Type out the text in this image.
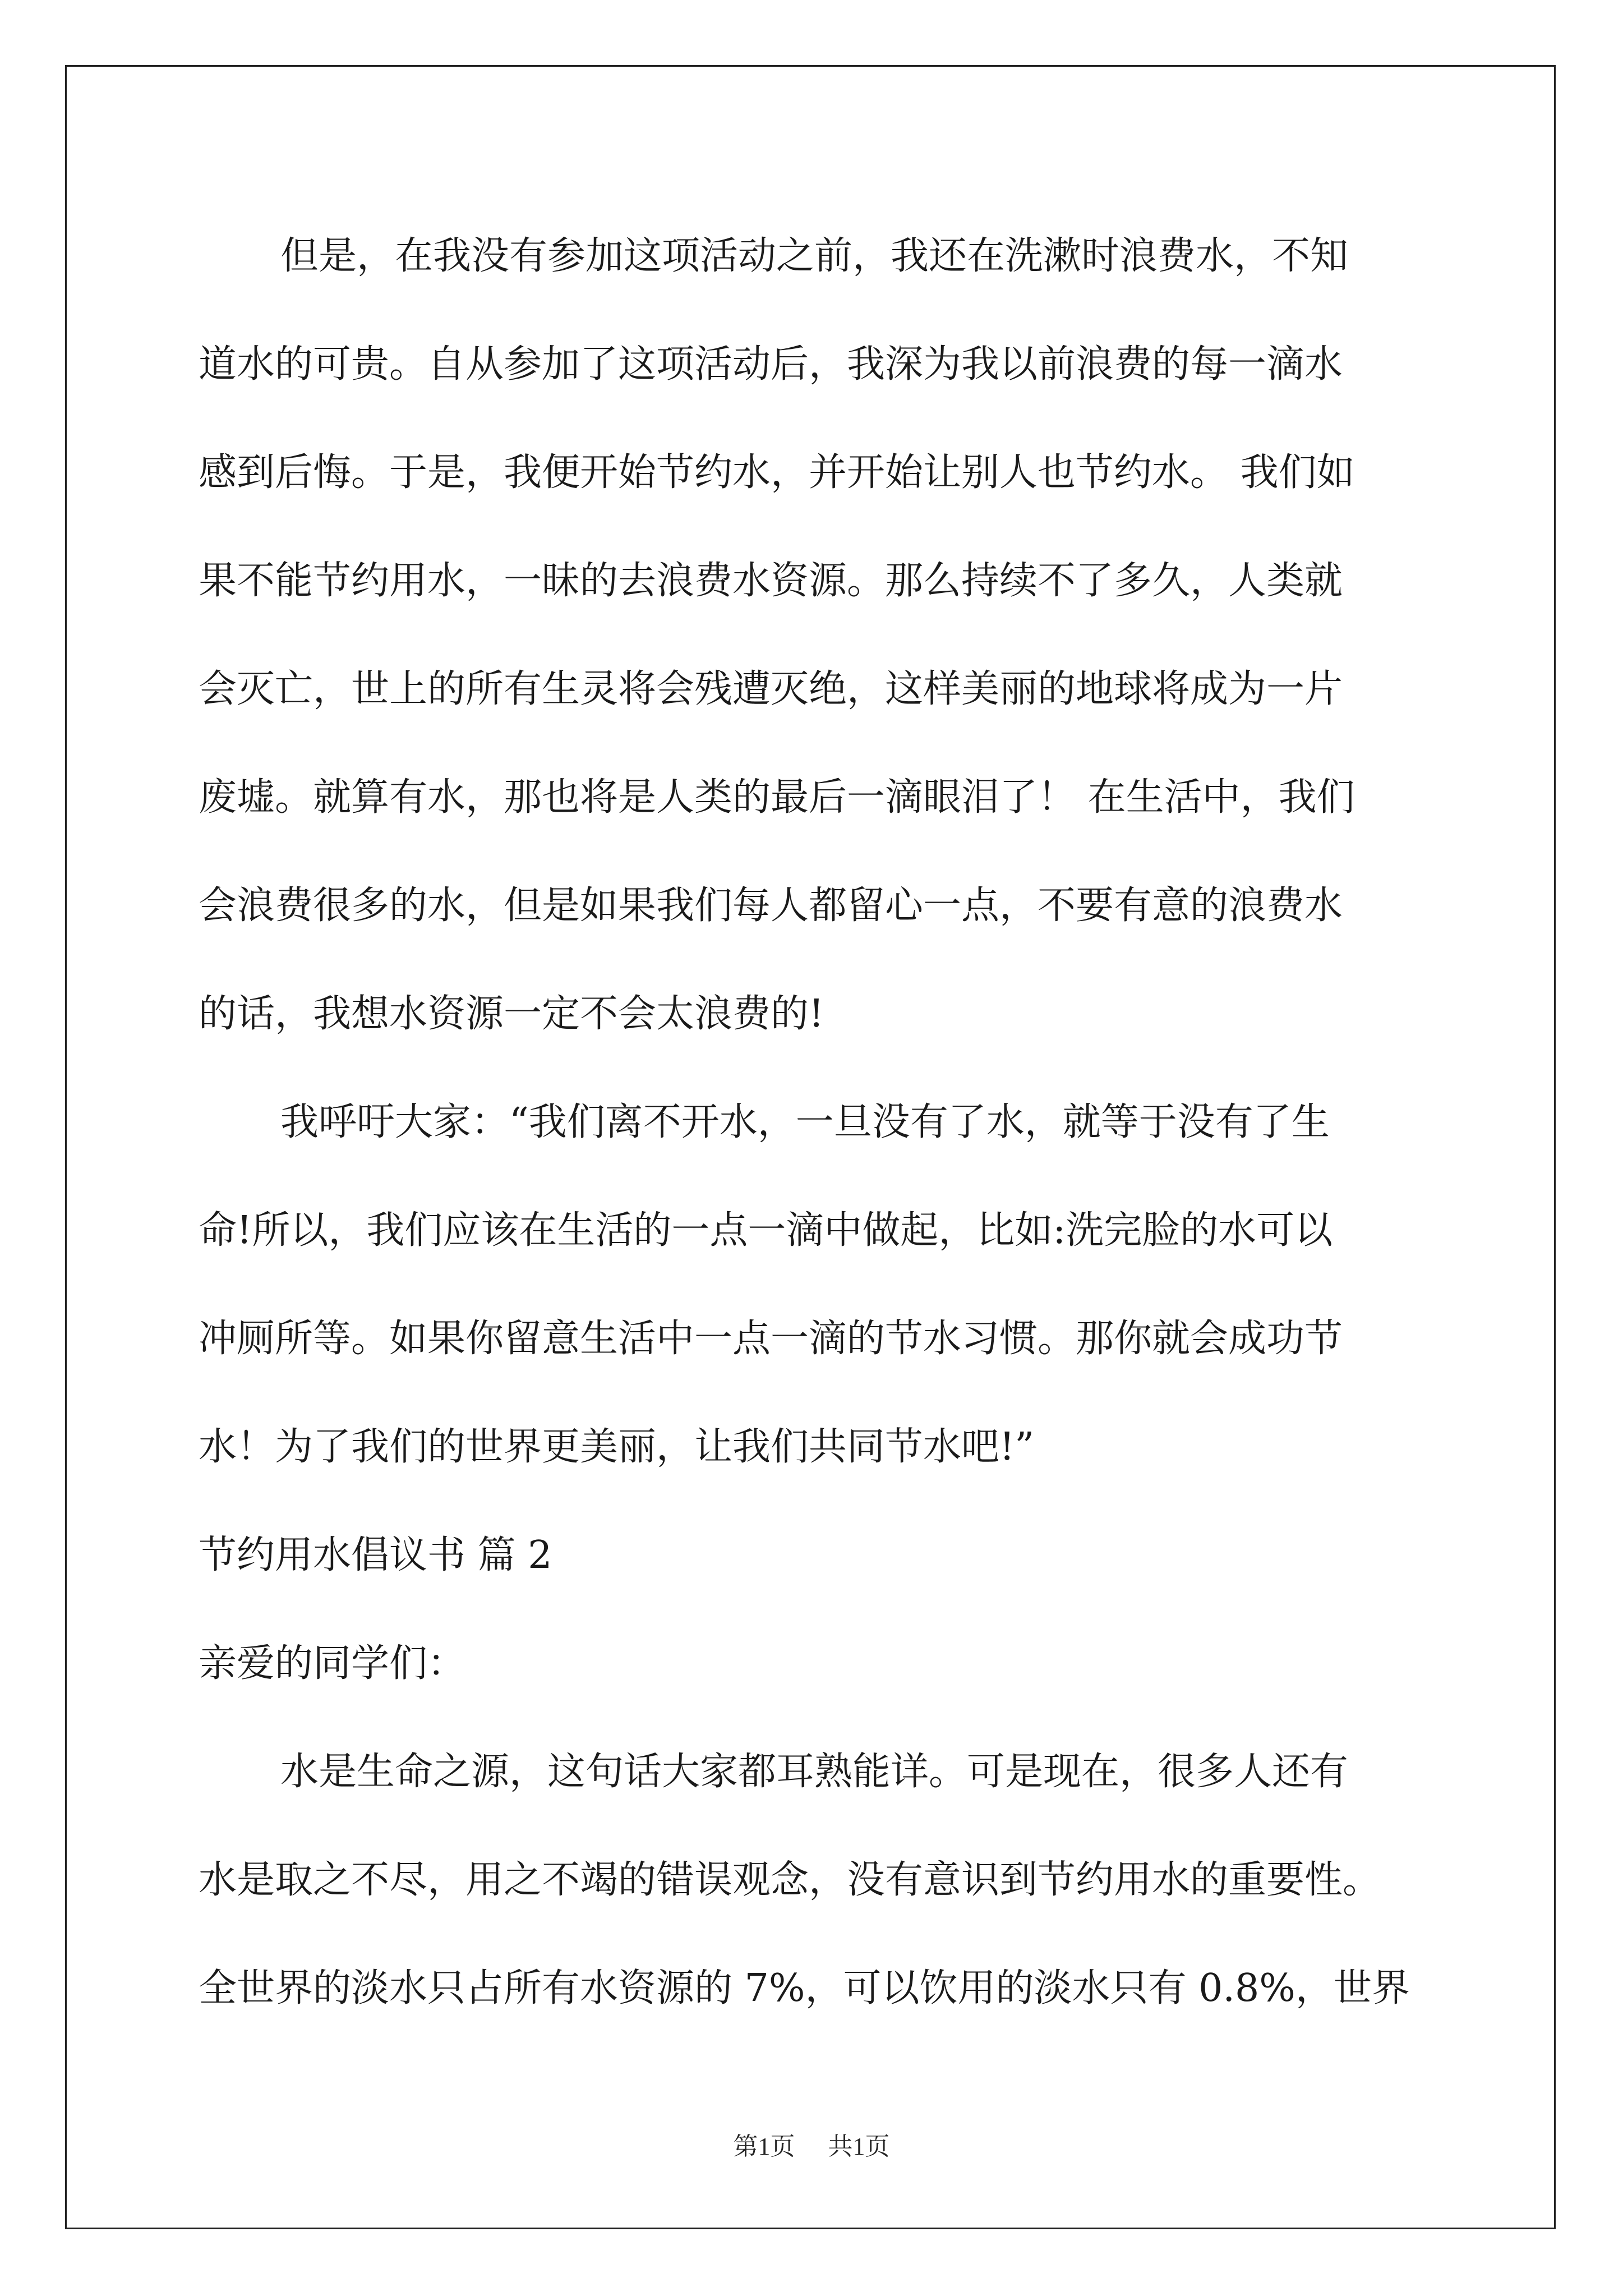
但是，在我没有参加这项活动之前，我还在洗漱时浪费水，不知
道水的可贵。自从参加了这项活动后，我深为我以前浪费的每一滴水
感到后悔。于是，我便开始节约水，并开始让别人也节约水。 我们如
果不能节约用水，一昧的去浪费水资源。那么持续不了多久，人类就
会灭亡，世上的所有生灵将会残遭灭绝，这样美丽的地球将成为一片
废墟。就算有水，那也将是人类的最后一滴眼泪了！ 在生活中，我们
会浪费很多的水，但是如果我们每人都留心一点，不要有意的浪费水
的话，我想水资源一定不会太浪费的!
我呼吁大家：“我们离不开水，一旦没有了水，就等于没有了生
命!所以，我们应该在生活的一点一滴中做起，比如:洗完脸的水可以
冲厕所等。如果你留意生活中一点一滴的节水习惯。那你就会成功节
水！为了我们的世界更美丽，让我们共同节水吧!”
节约用水倡议书 篇 2
亲爱的同学们：
水是生命之源，这句话大家都耳熟能详。可是现在，很多人还有
水是取之不尽，用之不竭的错误观念，没有意识到节约用水的重要性。
全世界的淡水只占所有水资源的 7%，可以饮用的淡水只有 0.8%，世界
第1页 共1页
